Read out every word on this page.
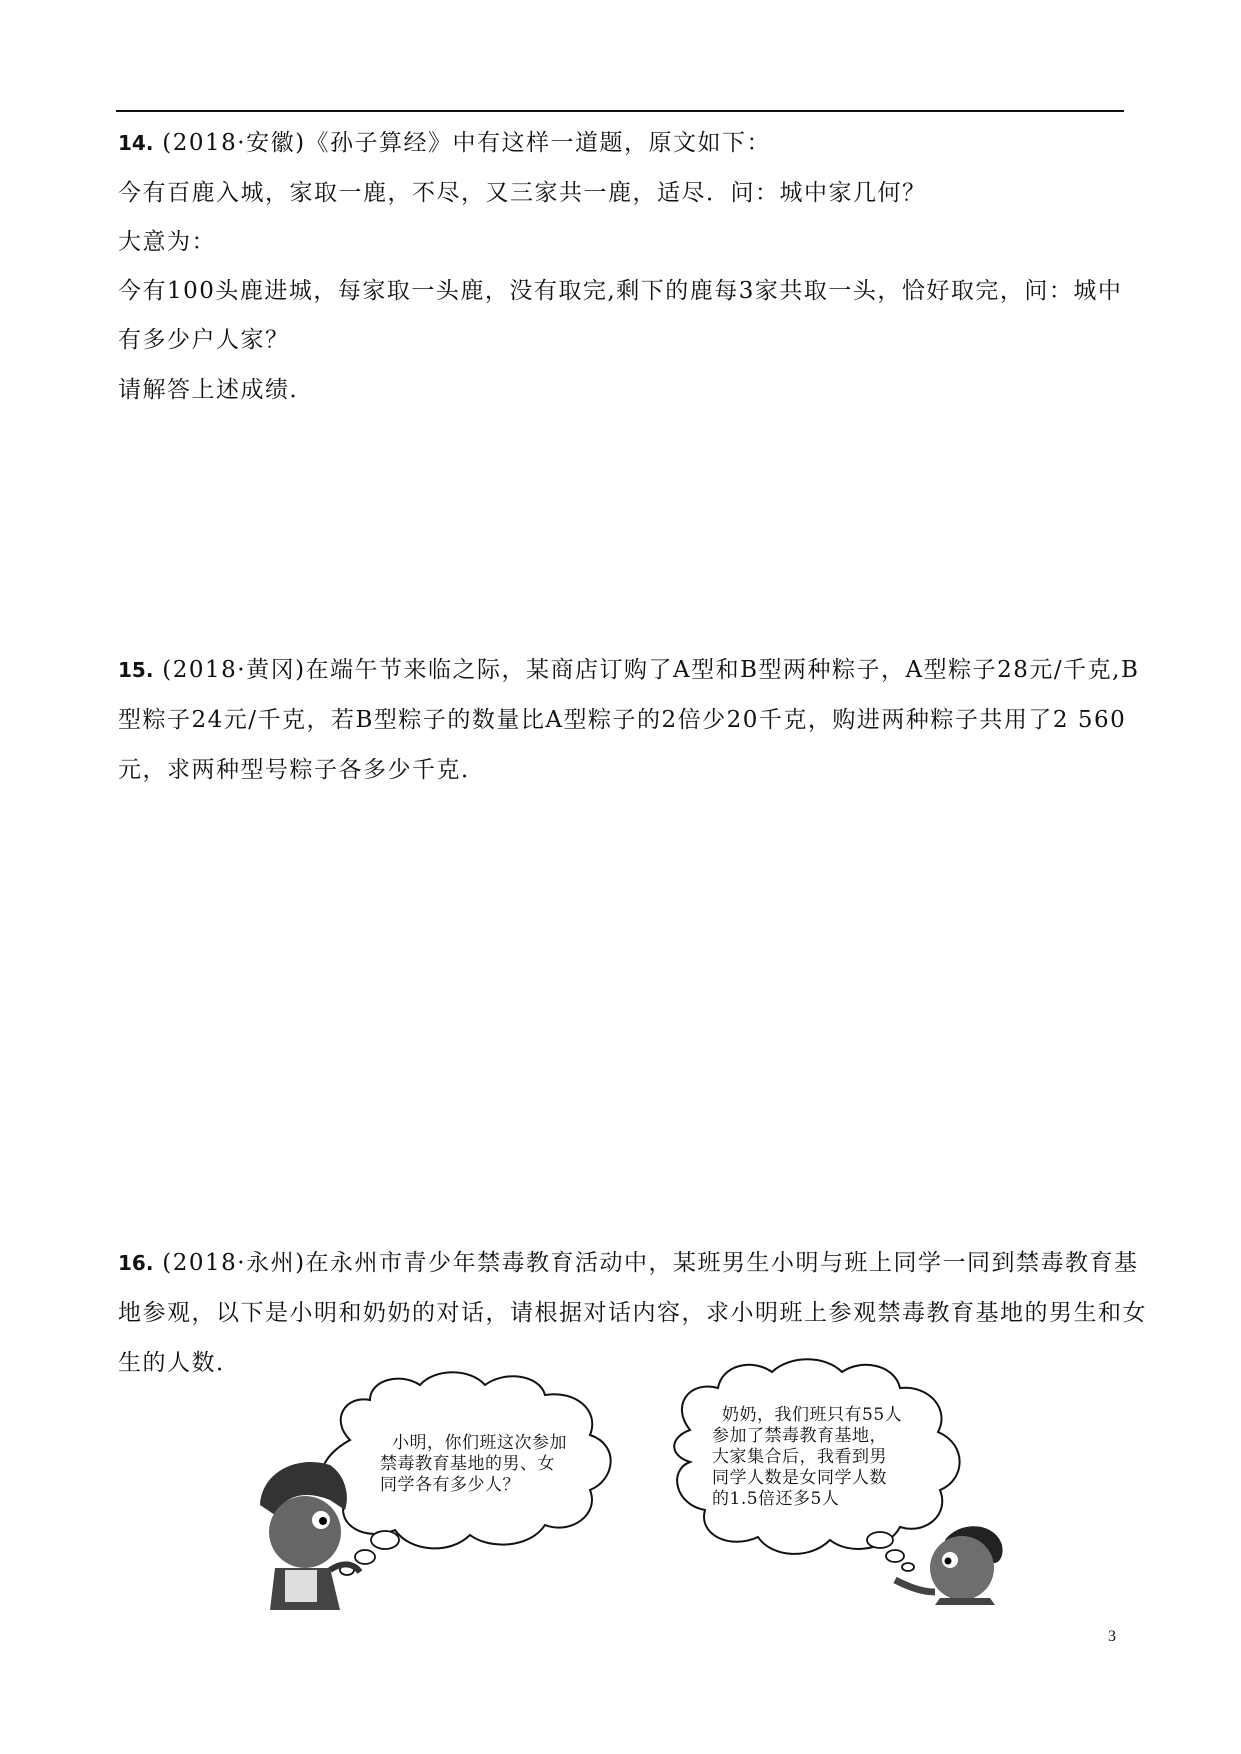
14. (2018·安徽)《孙子算经》中有这样一道题，原文如下：
今有百鹿入城，家取一鹿，不尽，又三家共一鹿，适尽．问：城中家几何？
大意为：
今有100头鹿进城，每家取一头鹿，没有取完,剩下的鹿每3家共取一头，恰好取完，问：城中
有多少户人家？
请解答上述成绩．
15. (2018·黄冈)在端午节来临之际，某商店订购了A型和B型两种粽子，A型粽子28元/千克,B
型粽子24元/千克，若B型粽子的数量比A型粽子的2倍少20千克，购进两种粽子共用了2 560
元，求两种型号粽子各多少千克．
16. (2018·永州)在永州市青少年禁毒教育活动中，某班男生小明与班上同学一同到禁毒教育基
地参观，以下是小明和奶奶的对话，请根据对话内容，求小明班上参观禁毒教育基地的男生和女
生的人数．
小明，你们班这次参加
禁毒教育基地的男、女
同学各有多少人？
奶奶，我们班只有55人
参加了禁毒教育基地，
大家集合后，我看到男
同学人数是女同学人数
的1.5倍还多5人
3
